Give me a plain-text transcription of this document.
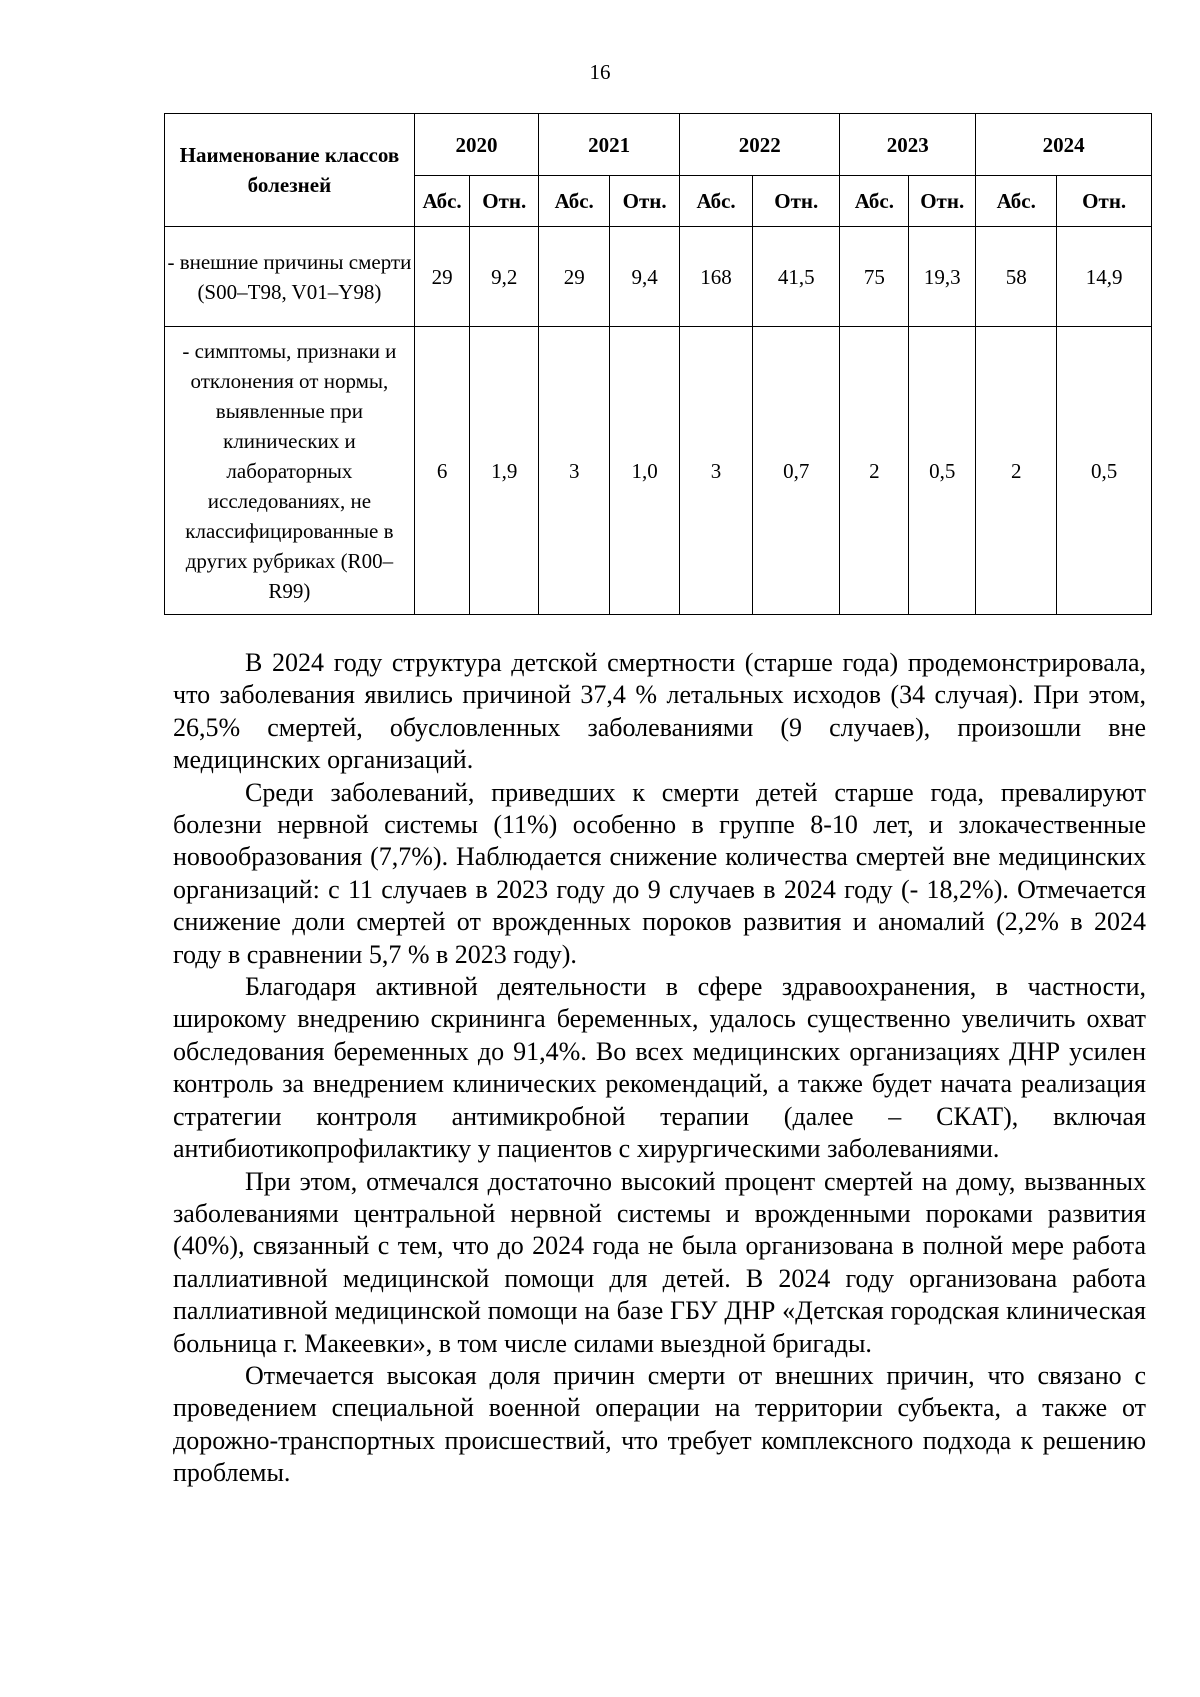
16
Наименование классов болезней	2020		2021		2022		2023		2024	
	Абс.	Отн.	Абс.	Отн.	Абс.	Отн.	Абс.	Отн.	Абс.	Отн.
- внешние причины смерти (S00–T98, V01–Y98)	29	9,2	29	9,4	168	41,5	75	19,3	58	14,9
- симптомы, признаки и отклонения от нормы, выявленные при клинических и лабораторных исследованиях, не классифицированные в других рубриках (R00–R99)	6	1,9	3	1,0	3	0,7	2	0,5	2	0,5

В 2024 году структура детской смертности (старше года) продемонстрировала, что заболевания явились причиной 37,4 % летальных исходов (34 случая). При этом, 26,5% смертей, обусловленных заболеваниями (9 случаев), произошли вне медицинских организаций.

Среди заболеваний, приведших к смерти детей старше года, превалируют болезни нервной системы (11%) особенно в группе 8-10 лет, и злокачественные новообразования (7,7%). Наблюдается снижение количества смертей вне медицинских организаций: с 11 случаев в 2023 году до 9 случаев в 2024 году (- 18,2%). Отмечается снижение доли смертей от врожденных пороков развития и аномалий (2,2% в 2024 году в сравнении 5,7 % в 2023 году).

Благодаря активной деятельности в сфере здравоохранения, в частности, широкому внедрению скрининга беременных, удалось существенно увеличить охват обследования беременных до 91,4%. Во всех медицинских организациях ДНР усилен контроль за внедрением клинических рекомендаций, а также будет начата реализация стратегии контроля антимикробной терапии (далее – СКАТ), включая антибиотикопрофилактику у пациентов с хирургическими заболеваниями.

При этом, отмечался достаточно высокий процент смертей на дому, вызванных заболеваниями центральной нервной системы и врожденными пороками развития (40%), связанный с тем, что до 2024 года не была организована в полной мере работа паллиативной медицинской помощи для детей. В 2024 году организована работа паллиативной медицинской помощи на базе ГБУ ДНР «Детская городская клиническая больница г. Макеевки», в том числе силами выездной бригады.

Отмечается высокая доля причин смерти от внешних причин, что связано с проведением специальной военной операции на территории субъекта, а также от дорожно-транспортных происшествий, что требует комплексного подхода к решению проблемы.
